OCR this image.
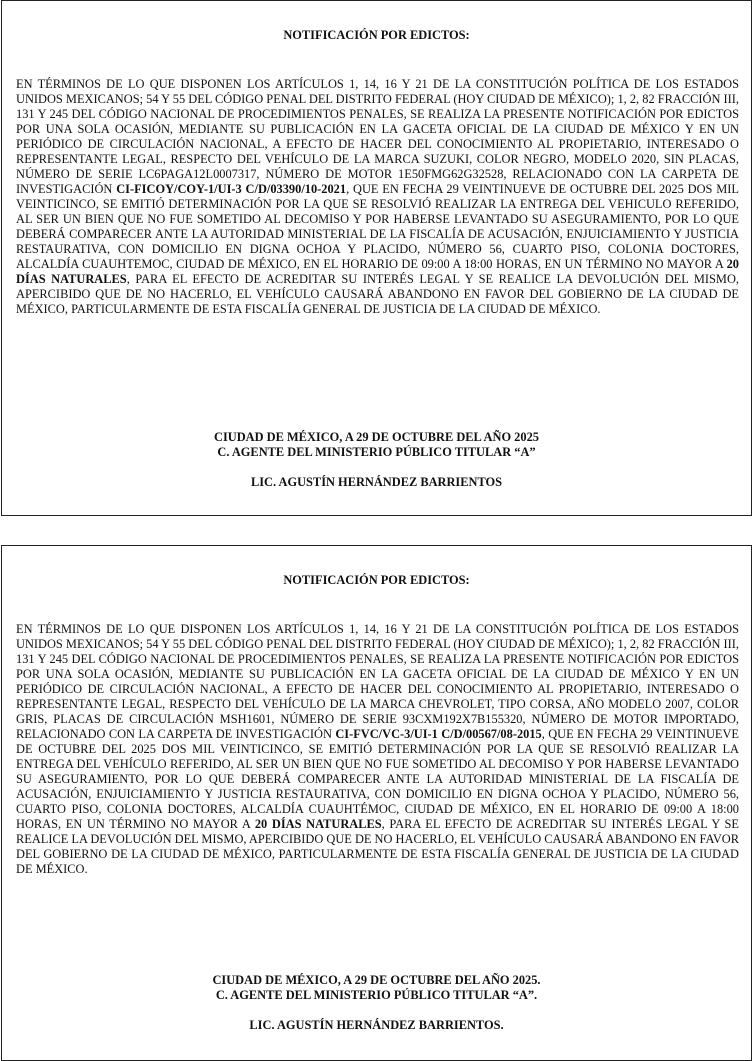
NOTIFICACIÓN POR EDICTOS:

EN TÉRMINOS DE LO QUE DISPONEN LOS ARTÍCULOS 1, 14, 16 Y 21 DE LA CONSTITUCIÓN POLÍTICA DE LOS ESTADOS UNIDOS MEXICANOS; 54 Y 55 DEL CÓDIGO PENAL DEL DISTRITO FEDERAL (HOY CIUDAD DE MÉXICO); 1, 2, 82 FRACCIÓN III, 131 Y 245 DEL CÓDIGO NACIONAL DE PROCEDIMIENTOS PENALES, SE REALIZA LA PRESENTE NOTIFICACIÓN POR EDICTOS POR UNA SOLA OCASIÓN, MEDIANTE SU PUBLICACIÓN EN LA GACETA OFICIAL DE LA CIUDAD DE MÉXICO Y EN UN PERIÓDICO DE CIRCULACIÓN NACIONAL, A EFECTO DE HACER DEL CONOCIMIENTO AL PROPIETARIO, INTERESADO O REPRESENTANTE LEGAL, RESPECTO DEL VEHÍCULO DE LA MARCA SUZUKI, COLOR NEGRO, MODELO 2020, SIN PLACAS, NÚMERO DE SERIE LC6PAGA12L0007317, NÚMERO DE MOTOR 1E50FMG62G32528, RELACIONADO CON LA CARPETA DE INVESTIGACIÓN CI-FICOY/COY-1/UI-3 C/D/03390/10-2021, QUE EN FECHA 29 VEINTINUEVE DE OCTUBRE DEL 2025 DOS MIL VEINTICINCO, SE EMITIÓ DETERMINACIÓN POR LA QUE SE RESOLVIÓ REALIZAR LA ENTREGA DEL VEHICULO REFERIDO, AL SER UN BIEN QUE NO FUE SOMETIDO AL DECOMISO Y POR HABERSE LEVANTADO SU ASEGURAMIENTO, POR LO QUE DEBERÁ COMPARECER ANTE LA AUTORIDAD MINISTERIAL DE LA FISCALÍA DE ACUSACIÓN, ENJUICIAMIENTO Y JUSTICIA RESTAURATIVA, CON DOMICILIO EN DIGNA OCHOA Y PLACIDO, NÚMERO 56, CUARTO PISO, COLONIA DOCTORES, ALCALDÍA CUAUHTEMOC, CIUDAD DE MÉXICO, EN EL HORARIO DE 09:00 A 18:00 HORAS, EN UN TÉRMINO NO MAYOR A 20 DÍAS NATURALES, PARA EL EFECTO DE ACREDITAR SU INTERÉS LEGAL Y SE REALICE LA DEVOLUCIÓN DEL MISMO, APERCIBIDO QUE DE NO HACERLO, EL VEHÍCULO CAUSARÁ ABANDONO EN FAVOR DEL GOBIERNO DE LA CIUDAD DE MÉXICO, PARTICULARMENTE DE ESTA FISCALÍA GENERAL DE JUSTICIA DE LA CIUDAD DE MÉXICO.

CIUDAD DE MÉXICO, A 29 DE OCTUBRE DEL AÑO 2025
C. AGENTE DEL MINISTERIO PÚBLICO TITULAR “A”
LIC. AGUSTÍN HERNÁNDEZ BARRIENTOS

NOTIFICACIÓN POR EDICTOS:

EN TÉRMINOS DE LO QUE DISPONEN LOS ARTÍCULOS 1, 14, 16 Y 21 DE LA CONSTITUCIÓN POLÍTICA DE LOS ESTADOS UNIDOS MEXICANOS; 54 Y 55 DEL CÓDIGO PENAL DEL DISTRITO FEDERAL (HOY CIUDAD DE MÉXICO); 1, 2, 82 FRACCIÓN III, 131 Y 245 DEL CÓDIGO NACIONAL DE PROCEDIMIENTOS PENALES, SE REALIZA LA PRESENTE NOTIFICACIÓN POR EDICTOS POR UNA SOLA OCASIÓN, MEDIANTE SU PUBLICACIÓN EN LA GACETA OFICIAL DE LA CIUDAD DE MÉXICO Y EN UN PERIÓDICO DE CIRCULACIÓN NACIONAL, A EFECTO DE HACER DEL CONOCIMIENTO AL PROPIETARIO, INTERESADO O REPRESENTANTE LEGAL, RESPECTO DEL VEHÍCULO DE LA MARCA CHEVROLET, TIPO CORSA, AÑO MODELO 2007, COLOR GRIS, PLACAS DE CIRCULACIÓN MSH1601, NÚMERO DE SERIE 93CXM192X7B155320, NÚMERO DE MOTOR IMPORTADO, RELACIONADO CON LA CARPETA DE INVESTIGACIÓN CI-FVC/VC-3/UI-1 C/D/00567/08-2015, QUE EN FECHA 29 VEINTINUEVE DE OCTUBRE DEL 2025 DOS MIL VEINTICINCO, SE EMITIÓ DETERMINACIÓN POR LA QUE SE RESOLVIÓ REALIZAR LA ENTREGA DEL VEHÍCULO REFERIDO, AL SER UN BIEN QUE NO FUE SOMETIDO AL DECOMISO Y POR HABERSE LEVANTADO SU ASEGURAMIENTO, POR LO QUE DEBERÁ COMPARECER ANTE LA AUTORIDAD MINISTERIAL DE LA FISCALÍA DE ACUSACIÓN, ENJUICIAMIENTO Y JUSTICIA RESTAURATIVA, CON DOMICILIO EN DIGNA OCHOA Y PLACIDO, NÚMERO 56, CUARTO PISO, COLONIA DOCTORES, ALCALDÍA CUAUHTÉMOC, CIUDAD DE MÉXICO, EN EL HORARIO DE 09:00 A 18:00 HORAS, EN UN TÉRMINO NO MAYOR A 20 DÍAS NATURALES, PARA EL EFECTO DE ACREDITAR SU INTERÉS LEGAL Y SE REALICE LA DEVOLUCIÓN DEL MISMO, APERCIBIDO QUE DE NO HACERLO, EL VEHÍCULO CAUSARÁ ABANDONO EN FAVOR DEL GOBIERNO DE LA CIUDAD DE MÉXICO, PARTICULARMENTE DE ESTA FISCALÍA GENERAL DE JUSTICIA DE LA CIUDAD DE MÉXICO.

CIUDAD DE MÉXICO, A 29 DE OCTUBRE DEL AÑO 2025.
C. AGENTE DEL MINISTERIO PÚBLICO TITULAR “A”.
LIC. AGUSTÍN HERNÁNDEZ BARRIENTOS.
